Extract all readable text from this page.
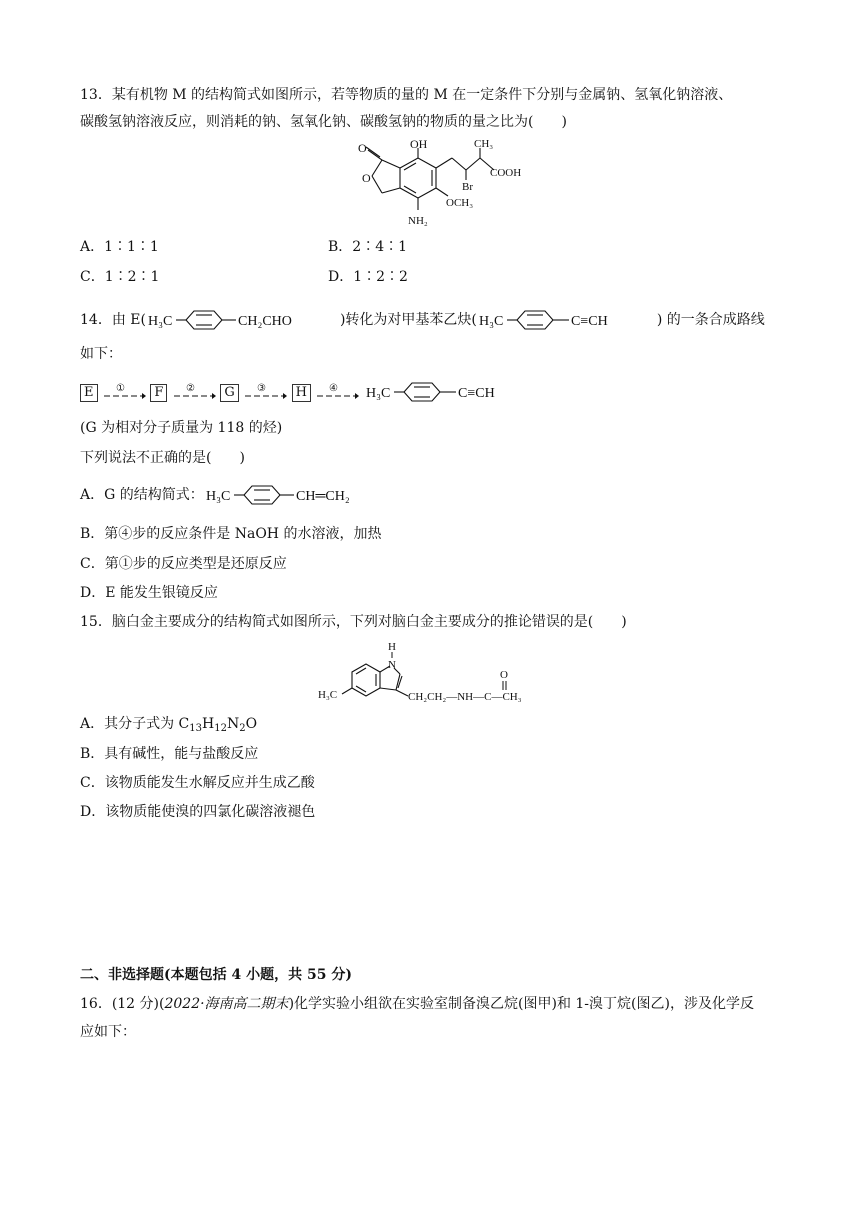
13．某有机物 M 的结构简式如图所示，若等物质的量的 M 在一定条件下分别与金属钠、氢氧化钠溶液、
碳酸氢钠溶液反应，则消耗的钠、氢氧化钠、碳酸氢钠的物质的量之比为(　　)
O	OH	CH₃
O
Br
COOH
OCH₃
NH₂
A．1∶1∶1	B．2∶4∶1
C．1∶2∶1	D．1∶2∶2
14．由 E( H₃C	CH₂CHO	)转化为对甲基苯乙炔( H₃C	C≡CH	) 的一条合成路线
如下：
E ① F ② G ③ H ④
H₃C	C≡CH
(G 为相对分子质量为 118 的烃)
下列说法不正确的是(　　)
A．G 的结构简式： H₃C	CH═CH₂
B．第④步的反应条件是 NaOH 的水溶液，加热
C．第①步的反应类型是还原反应
D．E 能发生银镜反应
15．脑白金主要成分的结构简式如图所示，下列对脑白金主要成分的推论错误的是(　　)
H₃C
H
N
CH₂CH₂—NH—C—CH₃
O
A．其分子式为 $C_{13}H_{12}N_2O$
B．具有碱性，能与盐酸反应
C．该物质能发生水解反应并生成乙酸
D．该物质能使溴的四氯化碳溶液褪色
二、非选择题(本题包括 4 小题，共 55 分)
16．(12 分)(2022·海南高二期末)化学实验小组欲在实验室制备溴乙烷(图甲)和 1-溴丁烷(图乙)，涉及化学反
应如下：
